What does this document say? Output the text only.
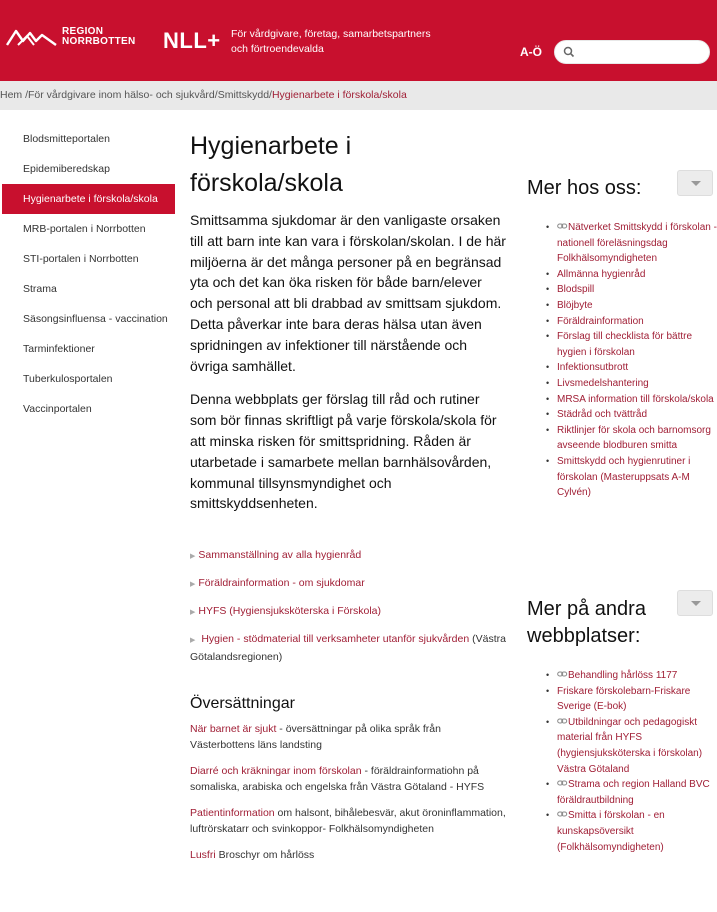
REGION
NORRBOTTEN NLL+ För vårdgivare, företag, samarbetspartners och förtroendevalda	A-Ö
Hem /För vårdgivare inom hälso- och sjukvård/Smittskydd/Hygienarbete i förskola/skola
Blodsmitteportalen
Epidemiberedskap
Hygienarbete i förskola/skola
MRB-portalen i Norrbotten
STI-portalen i Norrbotten
Strama
Säsongsinfluensa - vaccination
Tarminfektioner
Tuberkulosportalen
Vaccinportalen
Hygienarbete i förskola/skola

Smittsamma sjukdomar är den vanligaste orsaken till att barn inte kan vara i förskolan/skolan. I de här miljöerna är det många personer på en begränsad yta och det kan öka risken för både barn/elever och personal att bli drabbad av smittsam sjukdom. Detta påverkar inte bara deras hälsa utan även spridningen av infektioner till närstående och övriga samhället.

Denna webbplats ger förslag till råd och rutiner som bör finnas skriftligt på varje förskola/skola för att minska risken för smittspridning. Råden är utarbetade i samarbete mellan barnhälsovården, kommunal tillsynsmyndighet och smittskyddsenheten.

▶ Sammanställning av alla hygienråd
▶ Föräldrainformation - om sjukdomar
▶ HYFS (Hygiensjuksköterska i Förskola)
▶ Hygien - stödmaterial till verksamheter utanför sjukvården (Västra Götalandsregionen)
Översättningar
När barnet är sjukt - översättningar på olika språk från Västerbottens läns landsting
Diarré och kräkningar inom förskolan - föräldrainformatiohn på somaliska, arabiska och engelska från Västra Götaland - HYFS
Patientinformation om halsont, bihålebesvär, akut öroninflammation, luftrörskatarr och svinkoppor- Folkhälsomyndigheten
Lusfri Broschyr om hårlöss
Mer hos oss:
• Nätverket Smittskydd i förskolan - nationell föreläsningsdag Folkhälsomyndigheten
• Allmänna hygienråd
• Blodspill
• Blöjbyte
• Föräldrainformation
• Förslag till checklista för bättre hygien i förskolan
• Infektionsutbrott
• Livsmedelshantering
• MRSA information till förskola/skola
• Städråd och tvättråd
• Riktlinjer för skola och barnomsorg avseende blodburen smitta
• Smittskydd och hygienrutiner i förskolan (Masteruppsats A-M Cylvén)
Mer på andra webbplatser:
• Behandling hårlöss 1177
• Friskare förskolebarn-Friskare Sverige (E-bok)
• Utbildningar och pedagogiskt material från HYFS (hygiensjuksköterska i förskolan) Västra Götaland
• Strama och region Halland BVC föräldrautbildning
• Smitta i förskolan - en kunskapsöversikt (Folkhälsomyndigheten)
